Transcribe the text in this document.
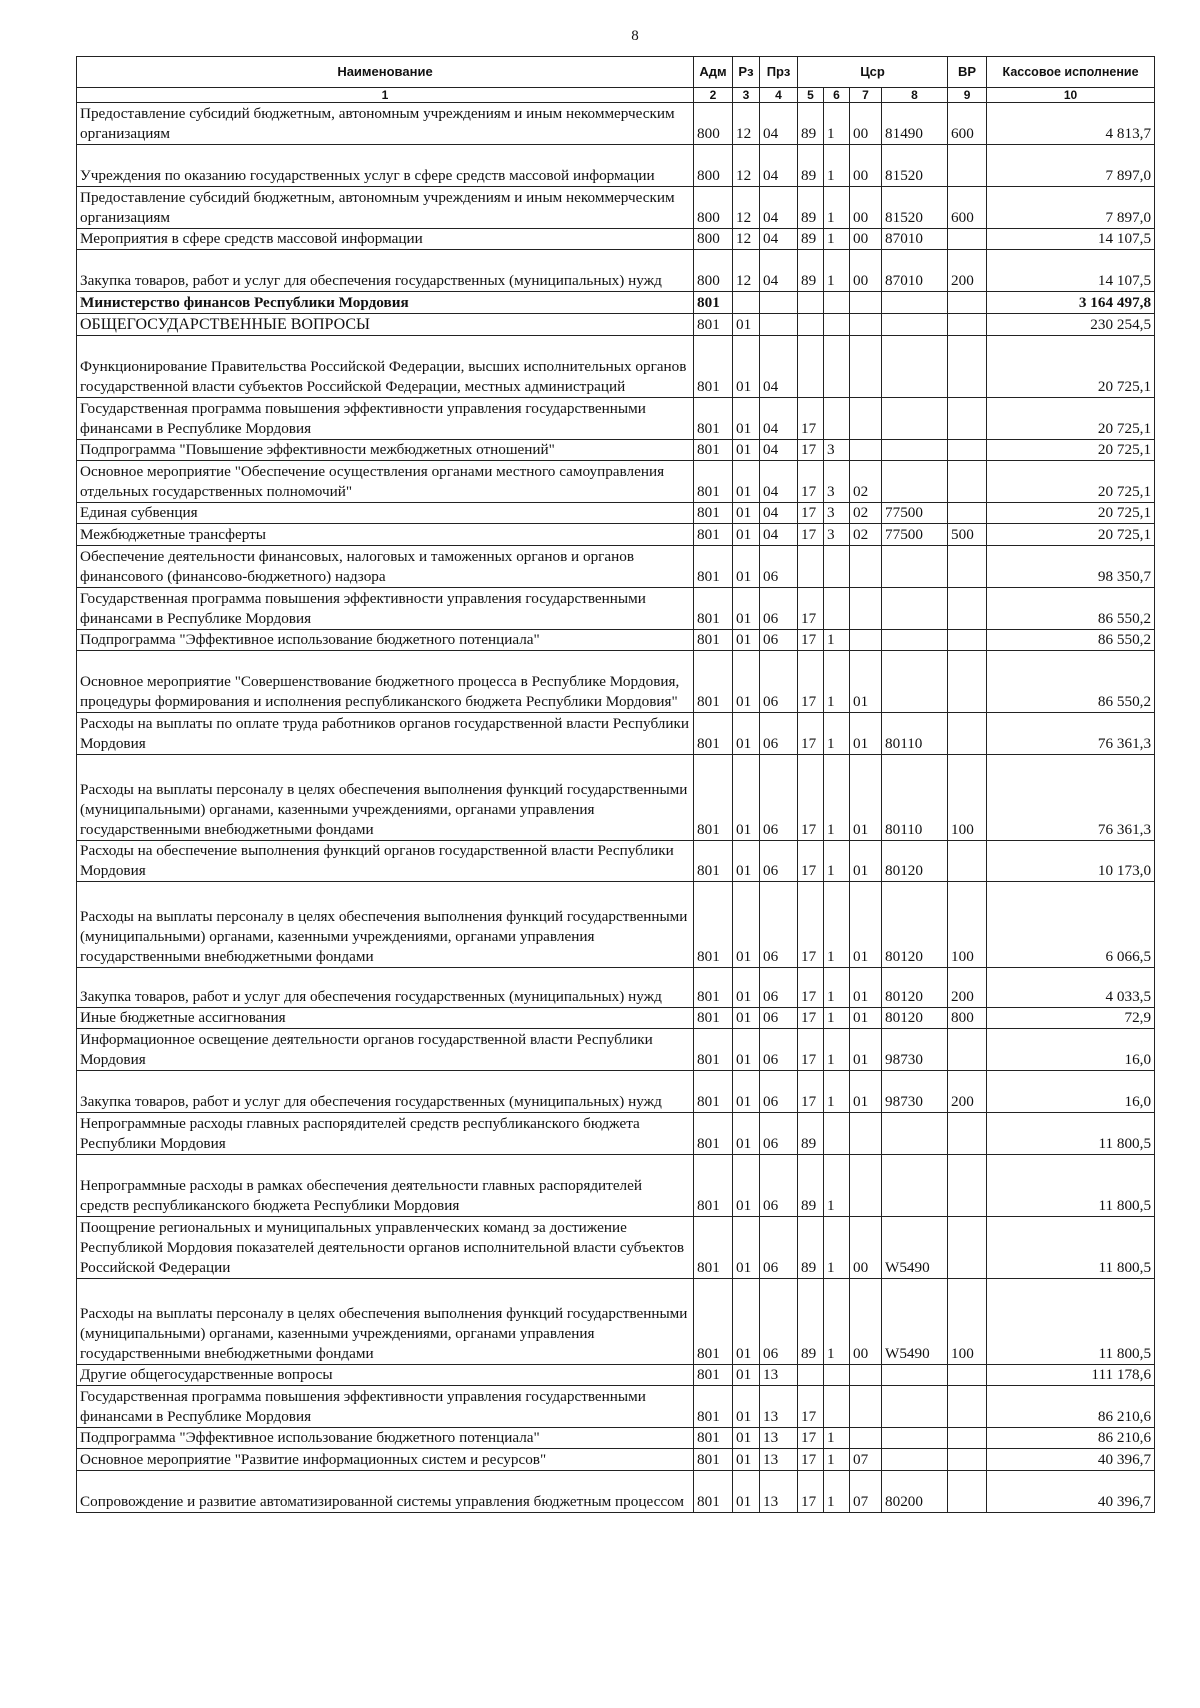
8
Наименование	Адм	Рз	Прз	Цср				ВР	Кассовое исполнение
1	2	3	4	5	6	7	8	9	10
Предоставление субсидий бюджетным, автономным учреждениям и иным некоммерческим организациям	800	12	04	89	1	00	81490	600	4 813,7
Учреждения по оказанию государственных услуг в сфере средств массовой информации	800	12	04	89	1	00	81520		7 897,0
Предоставление субсидий бюджетным, автономным учреждениям и иным некоммерческим организациям	800	12	04	89	1	00	81520	600	7 897,0
Мероприятия в сфере средств массовой информации	800	12	04	89	1	00	87010		14 107,5
Закупка товаров, работ и услуг для обеспечения государственных (муниципальных) нужд	800	12	04	89	1	00	87010	200	14 107,5
Министерство финансов Республики Мордовия	801								3 164 497,8
ОБЩЕГОСУДАРСТВЕННЫЕ ВОПРОСЫ	801	01							230 254,5
Функционирование Правительства Российской Федерации, высших исполнительных органов государственной власти субъектов Российской Федерации, местных администраций	801	01	04						20 725,1
Государственная программа повышения эффективности управления государственными финансами в Республике Мордовия	801	01	04	17					20 725,1
Подпрограмма "Повышение эффективности межбюджетных отношений"	801	01	04	17	3				20 725,1
Основное мероприятие "Обеспечение осуществления органами местного самоуправления отдельных государственных полномочий"	801	01	04	17	3	02			20 725,1
Единая субвенция	801	01	04	17	3	02	77500		20 725,1
Межбюджетные трансферты	801	01	04	17	3	02	77500	500	20 725,1
Обеспечение деятельности финансовых, налоговых и таможенных органов и органов финансового (финансово-бюджетного) надзора	801	01	06						98 350,7
Государственная программа повышения эффективности управления государственными финансами в Республике Мордовия	801	01	06	17					86 550,2
Подпрограмма "Эффективное использование бюджетного потенциала"	801	01	06	17	1				86 550,2
Основное мероприятие "Совершенствование бюджетного процесса в Республике Мордовия, процедуры формирования и исполнения республиканского бюджета Республики Мордовия"	801	01	06	17	1	01			86 550,2
Расходы на выплаты по оплате труда работников органов государственной власти Республики Мордовия	801	01	06	17	1	01	80110		76 361,3
Расходы на выплаты персоналу в целях обеспечения выполнения функций государственными (муниципальными) органами, казенными учреждениями, органами управления государственными внебюджетными фондами	801	01	06	17	1	01	80110	100	76 361,3
Расходы на обеспечение выполнения функций органов государственной власти Республики Мордовия	801	01	06	17	1	01	80120		10 173,0
Расходы на выплаты персоналу в целях обеспечения выполнения функций государственными (муниципальными) органами, казенными учреждениями, органами управления государственными внебюджетными фондами	801	01	06	17	1	01	80120	100	6 066,5
Закупка товаров, работ и услуг для обеспечения государственных (муниципальных) нужд	801	01	06	17	1	01	80120	200	4 033,5
Иные бюджетные ассигнования	801	01	06	17	1	01	80120	800	72,9
Информационное освещение деятельности органов государственной власти Республики Мордовия	801	01	06	17	1	01	98730		16,0
Закупка товаров, работ и услуг для обеспечения государственных (муниципальных) нужд	801	01	06	17	1	01	98730	200	16,0
Непрограммные расходы главных распорядителей средств республиканского бюджета Республики Мордовия	801	01	06	89					11 800,5
Непрограммные расходы в рамках обеспечения деятельности главных распорядителей средств республиканского бюджета Республики Мордовия	801	01	06	89	1				11 800,5
Поощрение региональных и муниципальных управленческих команд за достижение Республикой Мордовия показателей деятельности органов исполнительной власти субъектов Российской Федерации	801	01	06	89	1	00	W5490		11 800,5
Расходы на выплаты персоналу в целях обеспечения выполнения функций государственными (муниципальными) органами, казенными учреждениями, органами управления государственными внебюджетными фондами	801	01	06	89	1	00	W5490	100	11 800,5
Другие общегосударственные вопросы	801	01	13						111 178,6
Государственная программа повышения эффективности управления государственными финансами в Республике Мордовия	801	01	13	17					86 210,6
Подпрограмма "Эффективное использование бюджетного потенциала"	801	01	13	17	1				86 210,6
Основное мероприятие "Развитие информационных систем и ресурсов"	801	01	13	17	1	07			40 396,7
Сопровождение и развитие автоматизированной системы управления бюджетным процессом	801	01	13	17	1	07	80200		40 396,7
